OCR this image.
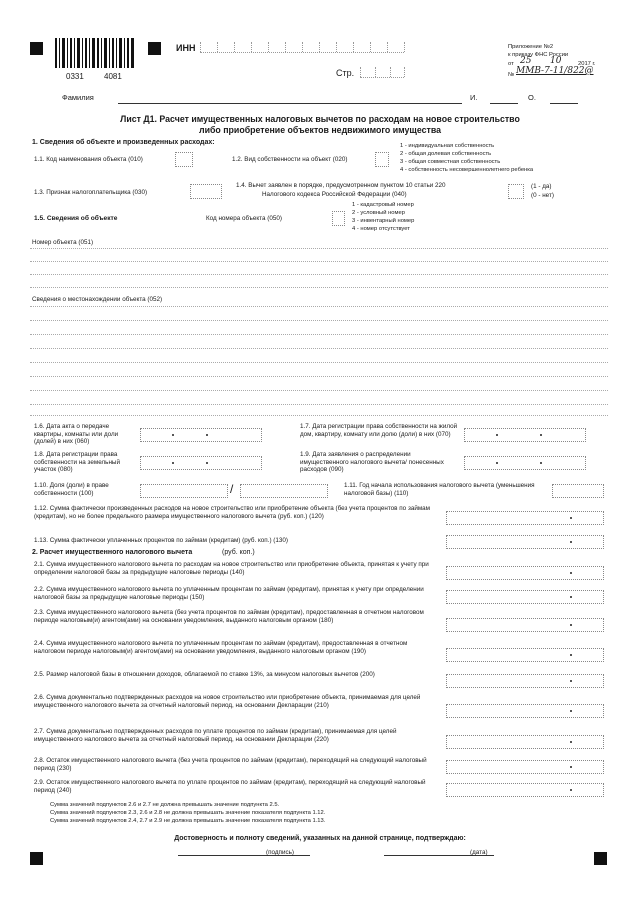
0331	4081
ИНН
Стр.
Приложение №2
к приказу ФНС России
от 25 10	2017 г.
№ ММВ-7-11/822@
Фамилия	И.	О.
Лист Д1. Расчет имущественных налоговых вычетов по расходам на новое строительство
либо приобретение объектов недвижимого имущества
1. Сведения об объекте и произведенных расходах:
1.1. Код наименования объекта (010)	1.2. Вид собственности на объект (020)
1 - индивидуальная собственность
2 - общая долевая собственность
3 - общая совместная собственность
4 - собственность несовершеннолетнего ребенка
1.3. Признак налогоплательщика (030)
1.4. Вычет заявлен в порядке, предусмотренном пунктом 10 статьи 220
Налогового кодекса Российской Федерации (040)
(1 - да)
(0 - нет)
1.5. Сведения об объекте	Код номера объекта (050)
1 - кадастровый номер
2 - условный номер
3 - инвентарный номер
4 - номер отсутствует
Номер объекта (051)
Сведения о местонахождении объекта (052)
1.6. Дата акта о передаче квартиры, комнаты или доли (долей) в них (060)
1.7. Дата регистрации права собственности на жилой дом, квартиру, комнату или долю (доли) в них (070)
1.8. Дата регистрации права собственности на земельный участок (080)
1.9. Дата заявления о распределении имущественного налогового вычета/ понесенных расходов (090)
1.10. Доля (доли) в праве собственности (100)	/	1.11. Год начала использования налогового вычета (уменьшения налоговой базы) (110)
1.12. Сумма фактически произведенных расходов на новое строительство или приобретение объекта (без учета процентов по займам (кредитам), но не более предельного размера имущественного налогового вычета (руб. коп.) (120)
1.13. Сумма фактически уплаченных процентов по займам (кредитам) (руб. коп.) (130)
2. Расчет имущественного налогового вычета	(руб. коп.)
2.1. Сумма имущественного налогового вычета по расходам на новое строительство или приобретение объекта, принятая к учету при определении налоговой базы за предыдущие налоговые периоды (140)
2.2. Сумма имущественного налогового вычета по уплаченным процентам по займам (кредитам), принятая к учету при определении налоговой базы за предыдущие налоговые периоды (150)
2.3. Сумма имущественного налогового вычета (без учета процентов по займам (кредитам), предоставленная в отчетном налоговом периоде налоговым(и) агентом(ами) на основании уведомления, выданного налоговым органом (180)
2.4. Сумма имущественного налогового вычета по уплаченным процентам по займам (кредитам), предоставленная в отчетном налоговом периоде налоговым(и) агентом(ами) на основании уведомления, выданного налоговым органом (190)
2.5. Размер налоговой базы в отношении доходов, облагаемой по ставке 13%, за минусом налоговых вычетов (200)
2.6. Сумма документально подтвержденных расходов на новое строительство или приобретение объекта, принимаемая для целей имущественного налогового вычета за отчетный налоговый период, на основании Декларации (210)
2.7. Сумма документально подтвержденных расходов по уплате процентов по займам (кредитам), принимаемая для целей имущественного налогового вычета за отчетный налоговый период, на основании Декларации (220)
2.8. Остаток имущественного налогового вычета (без учета процентов по займам (кредитам), переходящий на следующий налоговый период (230)
2.9. Остаток имущественного налогового вычета по уплате процентов по займам (кредитам), переходящий на следующий налоговый период (240)
Сумма значений подпунктов 2.6 и 2.7 не должна превышать значение подпункта 2.5.
Сумма значений подпунктов 2.3, 2.6 и 2.8 не должна превышать значение показателя подпункта 1.12.
Сумма значений подпунктов 2.4, 2.7 и 2.9 не должна превышать значение показателя подпункта 1.13.
Достоверность и полноту сведений, указанных на данной странице, подтверждаю:
(подпись)	(дата)
